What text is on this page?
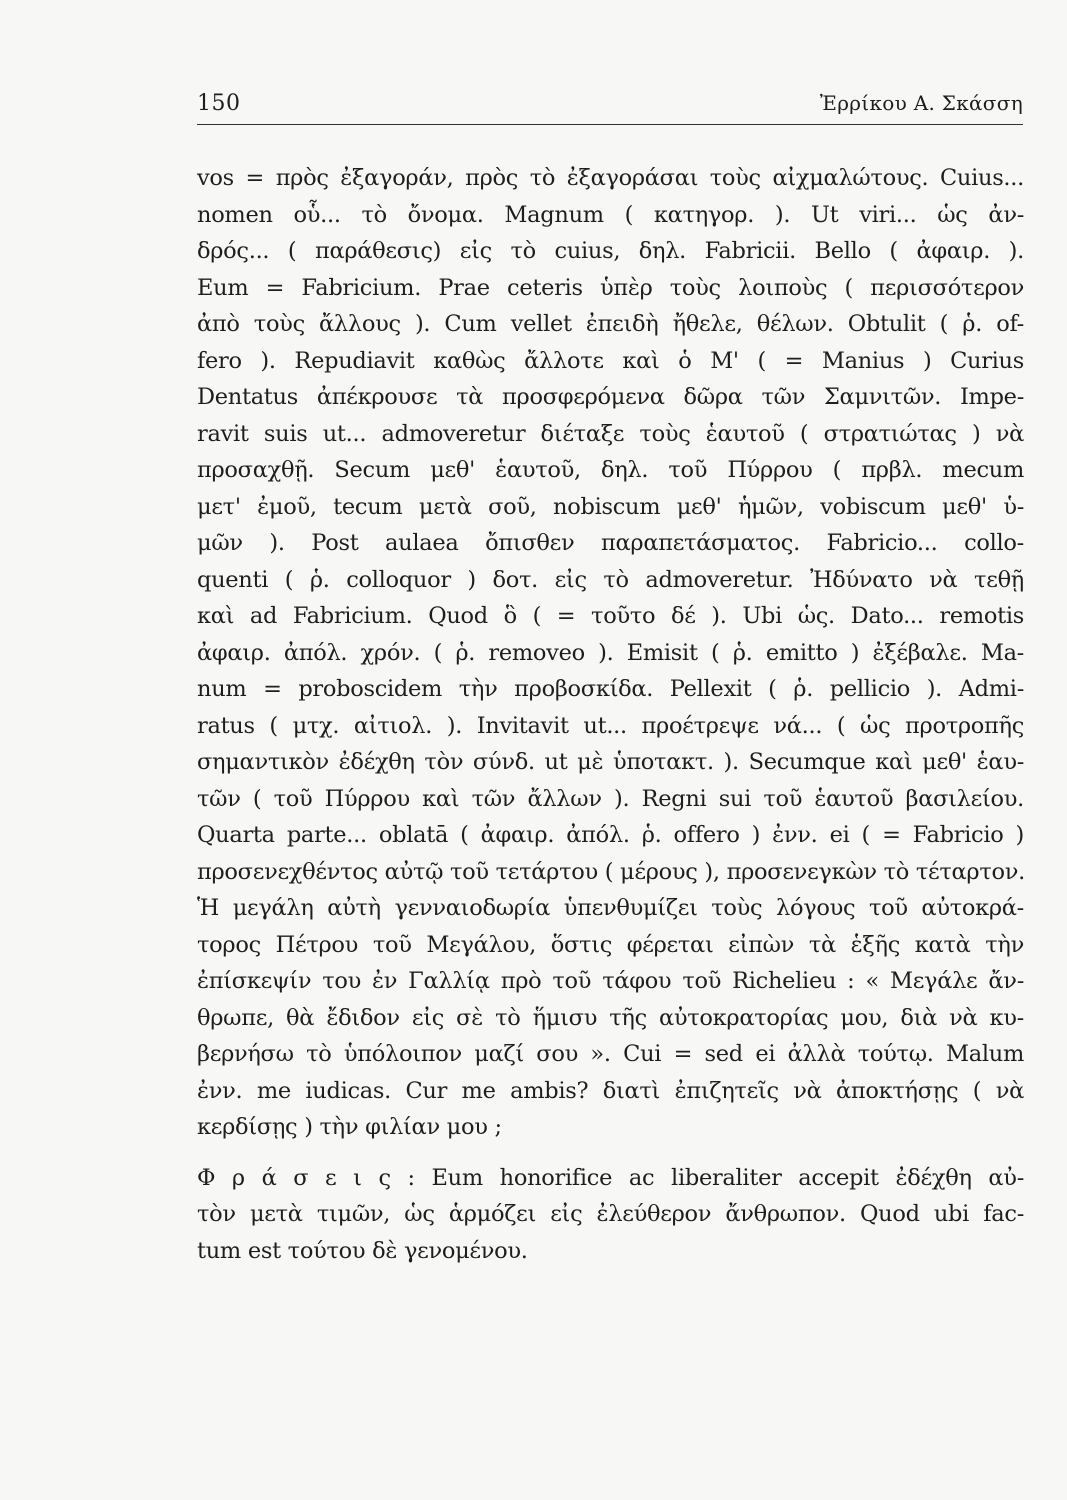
150	Ἐρρίκου Α. Σκάσση
vos = πρὸς ἐξαγοράν, πρὸς τὸ ἐξαγοράσαι τοὺς αἰχμαλώτους. Cuius...
nomen οὗ... τὸ ὄνομα. Magnum ( κατηγορ. ). Ut viri... ὡς ἀν-
δρός... ( παράθεσις) εἰς τὸ cuius, δηλ. Fabricii. Bello ( ἀφαιρ. ).
Eum = Fabricium. Prae ceteris ὑπὲρ τοὺς λοιποὺς ( περισσότερον
ἀπὸ τοὺς ἄλλους ). Cum vellet ἐπειδὴ ἤθελε, θέλων. Obtulit ( ῥ. of-
fero ). Repudiavit καθὼς ἄλλοτε καὶ ὁ Μ' ( = Manius ) Curius
Dentatus ἀπέκρουσε τὰ προσφερόμενα δῶρα τῶν Σαμνιτῶν. Impe-
ravit suis ut... admoveretur διέταξε τοὺς ἑαυτοῦ ( στρατιώτας ) νὰ
προσαχθῇ. Secum μεθ' ἑαυτοῦ, δηλ. τοῦ Πύρρου ( πρβλ. mecum
μετ' ἐμοῦ, tecum μετὰ σοῦ, nobiscum μεθ' ἡμῶν, vobiscum μεθ' ὑ-
μῶν ). Post aulaea ὄπισθεν παραπετάσματος. Fabricio... collo-
quenti ( ῥ. colloquor ) δοτ. εἰς τὸ admoveretur. Ἠδύνατο νὰ τεθῇ
καὶ ad Fabricium. Quod ὃ ( = τοῦτο δέ ). Ubi ὡς. Dato... remotis
ἀφαιρ. ἀπόλ. χρόν. ( ῥ. removeo ). Emisit ( ῥ. emitto ) ἐξέβαλε. Ma-
num = proboscidem τὴν προβοσκίδα. Pellexit ( ῥ. pellicio ). Admi-
ratus ( μτχ. αἰτιολ. ). Invitavit ut... προέτρεψε νά... ( ὡς προτροπῆς
σημαντικὸν ἐδέχθη τὸν σύνδ. ut μὲ ὑποτακτ. ). Secumque καὶ μεθ' ἑαυ-
τῶν ( τοῦ Πύρρου καὶ τῶν ἄλλων ). Regni sui τοῦ ἑαυτοῦ βασιλείου.
Quarta parte... oblatā ( ἀφαιρ. ἀπόλ. ῥ. offero ) ἐνν. ei ( = Fabricio )
προσενεχθέντος αὐτῷ τοῦ τετάρτου ( μέρους ), προσενεγκὼν τὸ τέταρτον.
Ἡ μεγάλη αὐτὴ γενναιοδωρία ὑπενθυμίζει τοὺς λόγους τοῦ αὐτοκρά-
τορος Πέτρου τοῦ Μεγάλου, ὅστις φέρεται εἰπὼν τὰ ἑξῆς κατὰ τὴν
ἐπίσκεψίν του ἐν Γαλλίᾳ πρὸ τοῦ τάφου τοῦ Richelieu : « Μεγάλε ἄν-
θρωπε, θὰ ἔδιδον εἰς σὲ τὸ ἥμισυ τῆς αὐτοκρατορίας μου, διὰ νὰ κυ-
βερνήσω τὸ ὑπόλοιπον μαζί σου ». Cui = sed ei ἀλλὰ τούτῳ. Malum
ἐνν. me iudicas. Cur me ambis? διατὶ ἐπιζητεῖς νὰ ἀποκτήσῃς ( νὰ
κερδίσῃς ) τὴν φιλίαν μου ;
Φ ρ ά σ ε ι ς : Eum honorifice ac liberaliter accepit ἐδέχθη αὐ-
τὸν μετὰ τιμῶν, ὡς ἁρμόζει εἰς ἐλεύθερον ἄνθρωπον. Quod ubi fac-
tum est τούτου δὲ γενομένου.
